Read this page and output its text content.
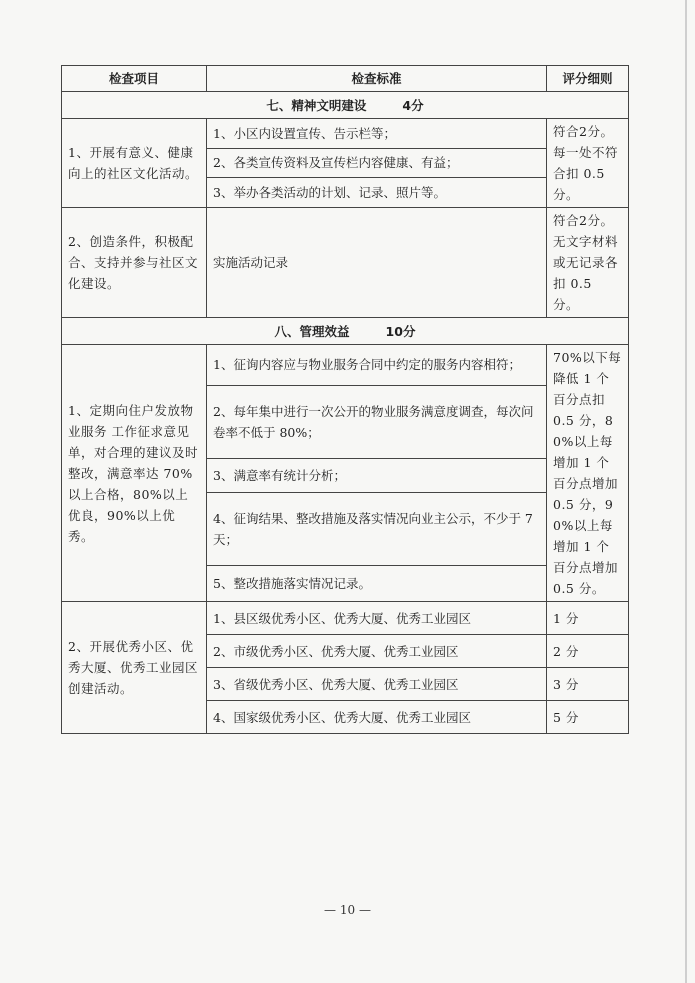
检查项目	检查标准	评分细则
七、精神文明建设 4分		
1、开展有意义、健康向上的社区文化活动。	1、小区内设置宣传、告示栏等；	符合2分。每一处不符合扣 0.5 分。
	2、各类宣传资料及宣传栏内容健康、有益；	
	3、举办各类活动的计划、记录、照片等。	
2、创造条件，积极配合、支持并参与社区文化建设。	实施活动记录	符合2分。无文字材料或无记录各扣 0.5 分。
八、管理效益 10分		
1、定期向住户发放物业服务 工作征求意见单，对合理的建议及时整改，满意率达 70%以上合格，80%以上优良，90%以上优秀。	1、征询内容应与物业服务合同中约定的服务内容相符；	70%以下每降低 1 个百分点扣 0.5 分，80%以上每增加 1 个百分点增加 0.5 分，90%以上每增加 1 个百分点增加 0.5 分。
	2、每年集中进行一次公开的物业服务满意度调查，每次问卷率不低于 80%；	
	3、满意率有统计分析；	
	4、征询结果、整改措施及落实情况向业主公示，不少于 7 天；	
	5、整改措施落实情况记录。	
2、开展优秀小区、优秀大厦、优秀工业园区创建活动。	1、县区级优秀小区、优秀大厦、优秀工业园区	1 分
	2、市级优秀小区、优秀大厦、优秀工业园区	2 分
	3、省级优秀小区、优秀大厦、优秀工业园区	3 分
	4、国家级优秀小区、优秀大厦、优秀工业园区	5 分
— 10 —
